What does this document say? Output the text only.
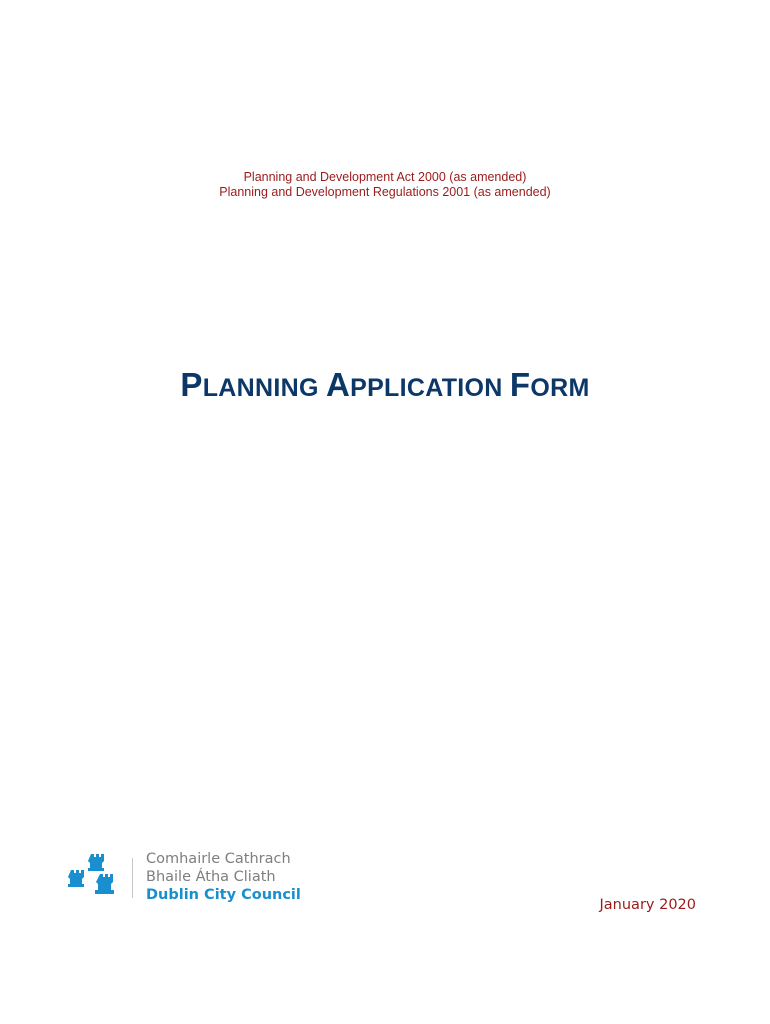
Planning and Development Act 2000 (as amended)
Planning and Development Regulations 2001 (as amended)
PLANNING APPLICATION FORM
Comhairle Cathrach
Bhaile Átha Cliath
Dublin City Council
January 2020
